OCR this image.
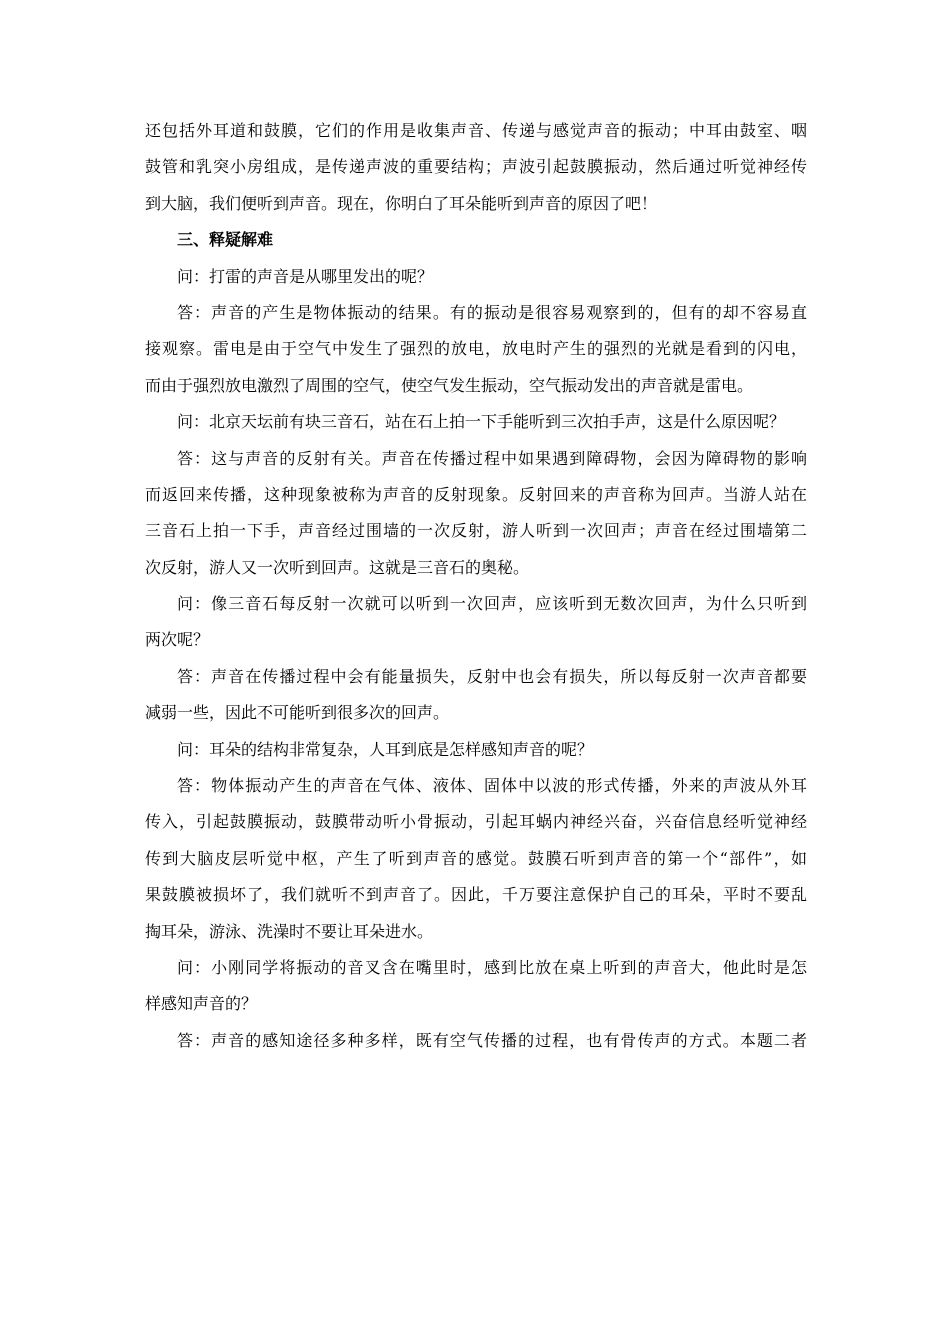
还包括外耳道和鼓膜，它们的作用是收集声音、传递与感觉声音的振动；中耳由鼓室、咽
鼓管和乳突小房组成，是传递声波的重要结构；声波引起鼓膜振动，然后通过听觉神经传
到大脑，我们便听到声音。现在，你明白了耳朵能听到声音的原因了吧！
三、释疑解难
问：打雷的声音是从哪里发出的呢？
答：声音的产生是物体振动的结果。有的振动是很容易观察到的，但有的却不容易直
接观察。雷电是由于空气中发生了强烈的放电，放电时产生的强烈的光就是看到的闪电，
而由于强烈放电激烈了周围的空气，使空气发生振动，空气振动发出的声音就是雷电。
问：北京天坛前有块三音石，站在石上拍一下手能听到三次拍手声，这是什么原因呢？
答：这与声音的反射有关。声音在传播过程中如果遇到障碍物，会因为障碍物的影响
而返回来传播，这种现象被称为声音的反射现象。反射回来的声音称为回声。当游人站在
三音石上拍一下手，声音经过围墙的一次反射，游人听到一次回声；声音在经过围墙第二
次反射，游人又一次听到回声。这就是三音石的奥秘。
问：像三音石每反射一次就可以听到一次回声，应该听到无数次回声，为什么只听到
两次呢？
答：声音在传播过程中会有能量损失，反射中也会有损失，所以每反射一次声音都要
减弱一些，因此不可能听到很多次的回声。
问：耳朵的结构非常复杂，人耳到底是怎样感知声音的呢？
答：物体振动产生的声音在气体、液体、固体中以波的形式传播，外来的声波从外耳
传入，引起鼓膜振动，鼓膜带动听小骨振动，引起耳蜗内神经兴奋，兴奋信息经听觉神经
传到大脑皮层听觉中枢，产生了听到声音的感觉。鼓膜石听到声音的第一个“部件”，如
果鼓膜被损坏了，我们就听不到声音了。因此，千万要注意保护自己的耳朵，平时不要乱
掏耳朵，游泳、洗澡时不要让耳朵进水。
问：小刚同学将振动的音叉含在嘴里时，感到比放在桌上听到的声音大，他此时是怎
样感知声音的？
答：声音的感知途径多种多样，既有空气传播的过程，也有骨传声的方式。本题二者
